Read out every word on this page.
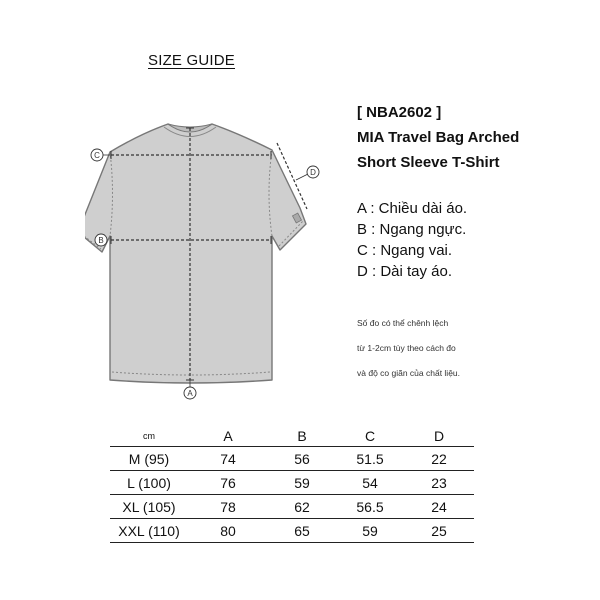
SIZE GUIDE
C
B
A
D
[ NBA2602 ]
MIA Travel Bag Arched
Short Sleeve T-Shirt
A : Chiều dài áo.
B : Ngang ngực.
C : Ngang vai.
D : Dài tay áo.
Số đo có thể chênh lệch
từ 1-2cm tùy theo cách đo
và độ co giãn của chất liệu.
cm	A	B	C	D
M (95)	74	56	51.5	22
L (100)	76	59	54	23
XL (105)	78	62	56.5	24
XXL (110)	80	65	59	25
